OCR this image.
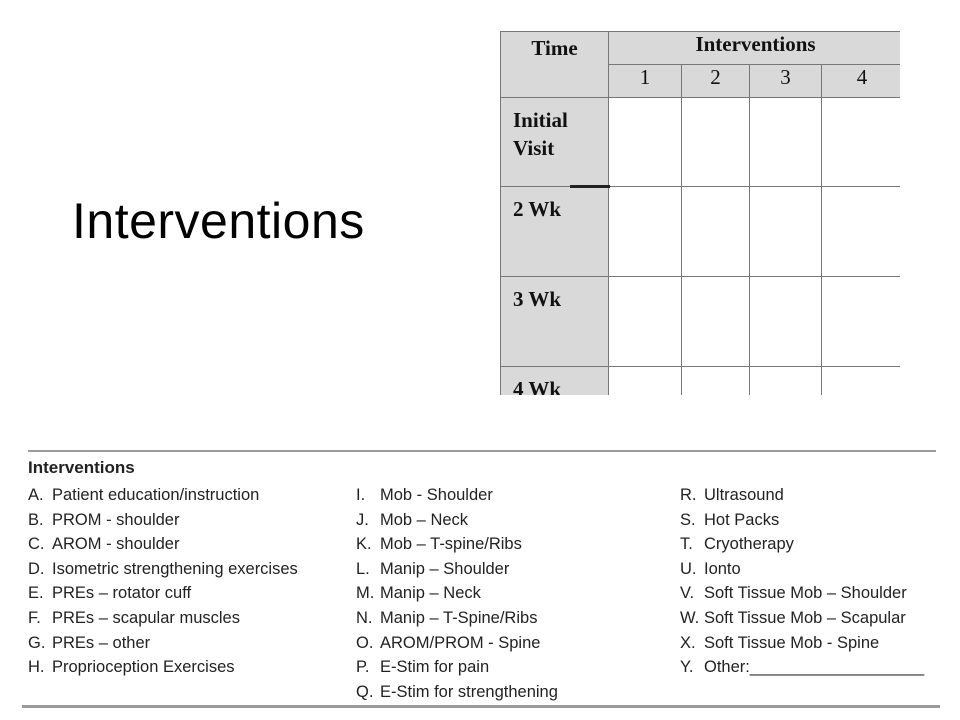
Interventions
Time	Interventions			
	1	2	3	4

Initial
Visit				

2 Wk				
3 Wk				
4 Wk				
Interventions
A. Patient education/instruction
B. PROM - shoulder
C. AROM - shoulder
D. Isometric strengthening exercises
E. PREs – rotator cuff
F. PREs – scapular muscles
G. PREs – other
H. Proprioception Exercises
I. Mob - Shoulder
J. Mob – Neck
K. Mob – T-spine/Ribs
L. Manip – Shoulder
M. Manip – Neck
N. Manip – T-Spine/Ribs
O. AROM/PROM - Spine
P. E-Stim for pain
Q. E-Stim for strengthening
R. Ultrasound
S. Hot Packs
T. Cryotherapy
U. Ionto
V. Soft Tissue Mob – Shoulder
W. Soft Tissue Mob – Scapular
X. Soft Tissue Mob - Spine
Y. Other:___________________
